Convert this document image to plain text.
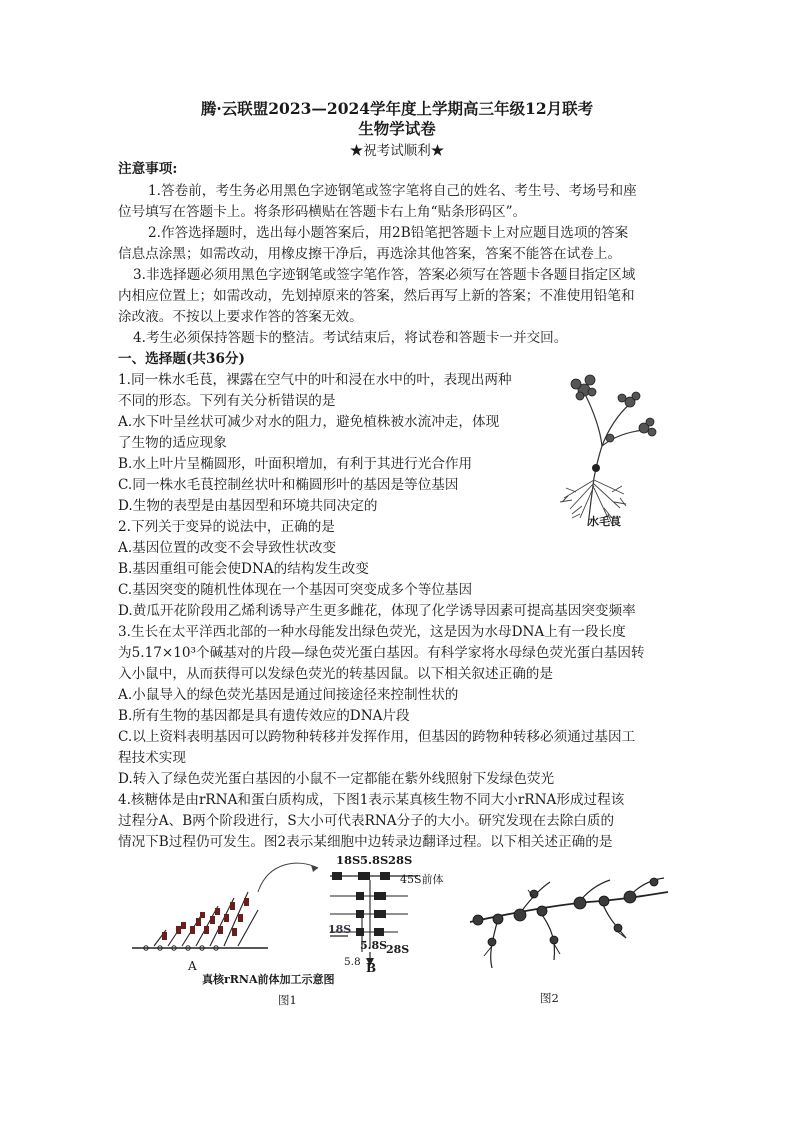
腾·云联盟2023—2024学年度上学期高三年级12月联考
生物学试卷
★祝考试顺利★
注意事项:
1.答卷前，考生务必用黑色字迹钢笔或签字笔将自己的姓名、考生号、考场号和座
位号填写在答题卡上。将条形码横贴在答题卡右上角“贴条形码区”。
2.作答选择题时，选出每小题答案后，用2B铅笔把答题卡上对应题目选项的答案
信息点涂黑；如需改动，用橡皮擦干净后，再选涂其他答案，答案不能答在试卷上。
3.非选择题必须用黑色字迹钢笔或签字笔作答，答案必须写在答题卡各题目指定区域
内相应位置上；如需改动，先划掉原来的答案，然后再写上新的答案；不准使用铅笔和
涂改液。不按以上要求作答的答案无效。
4.考生必须保持答题卡的整洁。考试结束后，将试卷和答题卡一并交回。
一、选择题(共36分)
1.同一株水毛茛，裸露在空气中的叶和浸在水中的叶，表现出两种
不同的形态。下列有关分析错误的是
A.水下叶呈丝状可减少对水的阻力，避免植株被水流冲走，体现
了生物的适应现象
B.水上叶片呈椭圆形，叶面积增加，有利于其进行光合作用
C.同一株水毛茛控制丝状叶和椭圆形叶的基因是等位基因
D.生物的表型是由基因型和环境共同决定的
水毛茛
2.下列关于变异的说法中，正确的是
A.基因位置的改变不会导致性状改变
B.基因重组可能会使DNA的结构发生改变
C.基因突变的随机性体现在一个基因可突变成多个等位基因
D.黄瓜开花阶段用乙烯利诱导产生更多雌花，体现了化学诱导因素可提高基因突变频率
3.生长在太平洋西北部的一种水母能发出绿色荧光，这是因为水母DNA上有一段长度
为5.17×10³个碱基对的片段—绿色荧光蛋白基因。有科学家将水母绿色荧光蛋白基因转
入小鼠中，从而获得可以发绿色荧光的转基因鼠。以下相关叙述正确的是
A.小鼠导入的绿色荧光基因是通过间接途径来控制性状的
B.所有生物的基因都是具有遗传效应的DNA片段
C.以上资料表明基因可以跨物种转移并发挥作用，但基因的跨物种转移必须通过基因工
程技术实现
D.转入了绿色荧光蛋白基因的小鼠不一定都能在紫外线照射下发绿色荧光
4.核糖体是由rRNA和蛋白质构成，下图1表示某真核生物不同大小rRNA形成过程该
过程分A、B两个阶段进行，S大小可代表RNA分子的大小。研究发现在去除白质的
情况下B过程仍可发生。图2表示某细胞中边转录边翻译过程。以下相关述正确的是
18S 5.8S 28S
45S前体
18S
5.8S
28S
5.8
A	B
真核rRNA前体加工示意图
图1	图2
